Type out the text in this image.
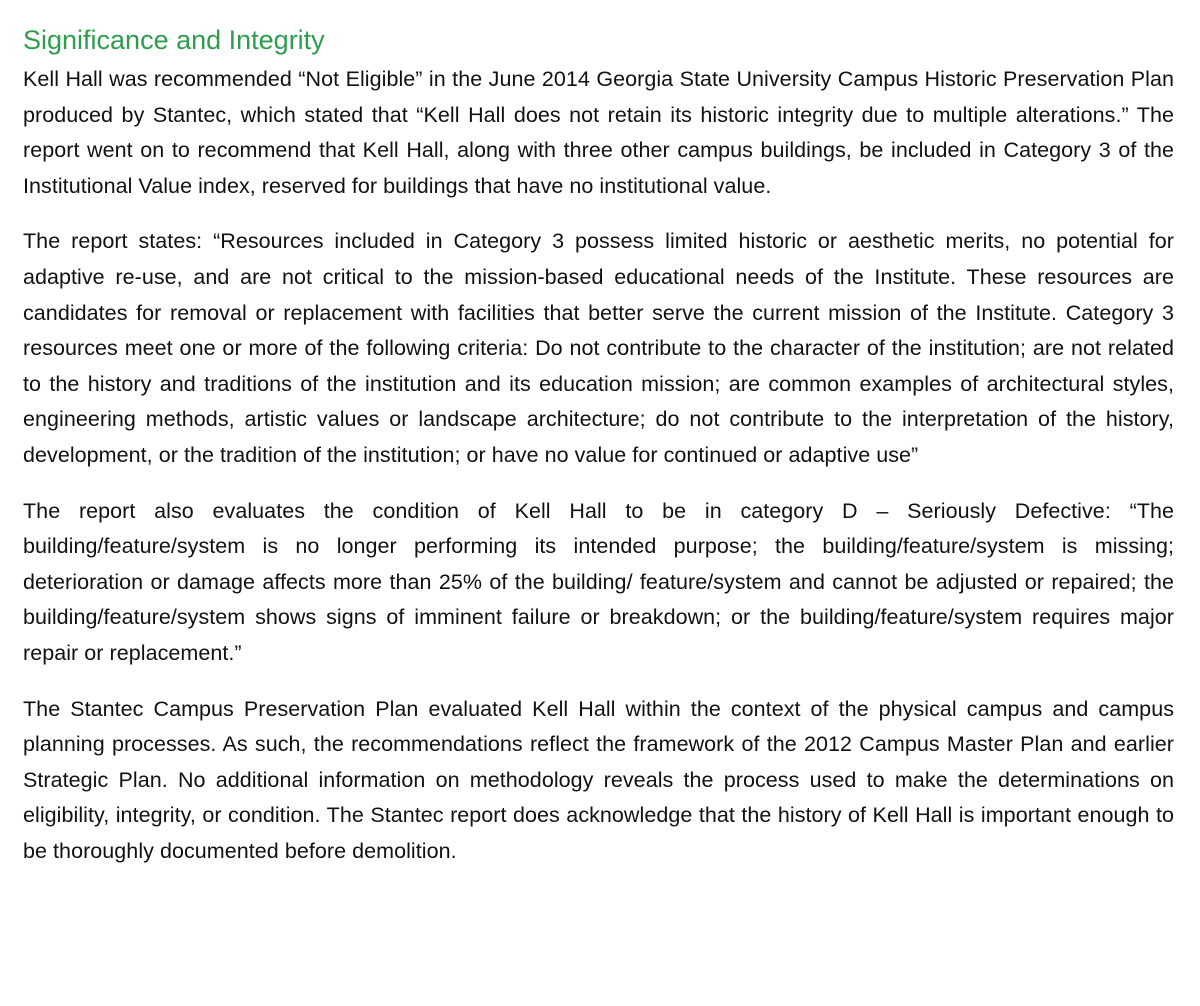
Significance and Integrity

Kell Hall was recommended “Not Eligible” in the June 2014 Georgia State University Campus Historic Preservation Plan produced by Stantec, which stated that “Kell Hall does not retain its historic integrity due to multiple alterations.” The report went on to recommend that Kell Hall, along with three other campus buildings, be included in Category 3 of the Institutional Value index, reserved for buildings that have no institutional value.

The report states: “Resources included in Category 3 possess limited historic or aesthetic merits, no potential for adaptive re-use, and are not critical to the mission-based educational needs of the Institute. These resources are candidates for removal or replacement with facilities that better serve the current mission of the Institute. Category 3 resources meet one or more of the following criteria: Do not contribute to the character of the institution; are not related to the history and traditions of the institution and its education mission; are common examples of architectural styles, engineering methods, artistic values or landscape architecture; do not contribute to the interpretation of the history, development, or the tradition of the institution; or have no value for continued or adaptive use”

The report also evaluates the condition of Kell Hall to be in category D – Seriously Defective: “The building/feature/system is no longer performing its intended purpose; the building/feature/system is missing; deterioration or damage affects more than 25% of the building/ feature/system and cannot be adjusted or repaired; the building/feature/system shows signs of imminent failure or breakdown; or the building/feature/system requires major repair or replacement.”

The Stantec Campus Preservation Plan evaluated Kell Hall within the context of the physical campus and campus planning processes. As such, the recommendations reflect the framework of the 2012 Campus Master Plan and earlier Strategic Plan. No additional information on methodology reveals the process used to make the determinations on eligibility, integrity, or condition. The Stantec report does acknowledge that the history of Kell Hall is important enough to be thoroughly documented before demolition.
